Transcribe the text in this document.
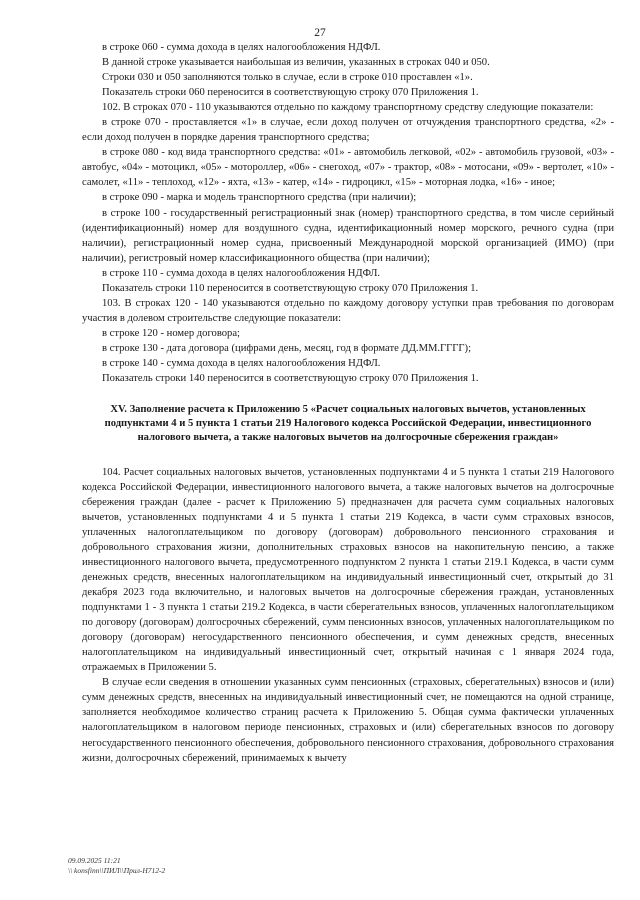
27

в строке 060 - сумма дохода в целях налогообложения НДФЛ.

В данной строке указывается наибольшая из величин, указанных в строках 040 и 050.

Строки 030 и 050 заполняются только в случае, если в строке 010 проставлен «1».

Показатель строки 060 переносится в соответствующую строку 070 Приложения 1.

102. В строках 070 - 110 указываются отдельно по каждому транспортному средству следующие показатели:

в строке 070 - проставляется «1» в случае, если доход получен от отчуждения транспортного средства, «2» - если доход получен в порядке дарения транспортного средства;

в строке 080 - код вида транспортного средства: «01» - автомобиль легковой, «02» - автомобиль грузовой, «03» - автобус, «04» - мотоцикл, «05» - мотороллер, «06» - снегоход, «07» - трактор, «08» - мотосани, «09» - вертолет, «10» - самолет, «11» - теплоход, «12» - яхта, «13» - катер, «14» - гидроцикл, «15» - моторная лодка, «16» - иное;

в строке 090 - марка и модель транспортного средства (при наличии);

в строке 100 - государственный регистрационный знак (номер) транспортного средства, в том числе серийный (идентификационный) номер для воздушного судна, идентификационный номер морского, речного судна (при наличии), регистрационный номер судна, присвоенный Международной морской организацией (ИМО) (при наличии), регистровый номер классификационного общества (при наличии);

в строке 110 - сумма дохода в целях налогообложения НДФЛ.

Показатель строки 110 переносится в соответствующую строку 070 Приложения 1.

103. В строках 120 - 140 указываются отдельно по каждому договору уступки прав требования по договорам участия в долевом строительстве следующие показатели:

в строке 120 - номер договора;

в строке 130 - дата договора (цифрами день, месяц, год в формате ДД.ММ.ГГГГ);

в строке 140 - сумма дохода в целях налогообложения НДФЛ.

Показатель строки 140 переносится в соответствующую строку 070 Приложения 1.

XV. Заполнение расчета к Приложению 5 «Расчет социальных налоговых вычетов, установленных подпунктами 4 и 5 пункта 1 статьи 219 Налогового кодекса Российской Федерации, инвестиционного налогового вычета, а также налоговых вычетов на долгосрочные сбережения граждан»

104. Расчет социальных налоговых вычетов, установленных подпунктами 4 и 5 пункта 1 статьи 219 Налогового кодекса Российской Федерации, инвестиционного налогового вычета, а также налоговых вычетов на долгосрочные сбережения граждан (далее - расчет к Приложению 5) предназначен для расчета сумм социальных налоговых вычетов, установленных подпунктами 4 и 5 пункта 1 статьи 219 Кодекса, в части сумм страховых взносов, уплаченных налогоплательщиком по договору (договорам) добровольного пенсионного страхования и добровольного страхования жизни, дополнительных страховых взносов на накопительную пенсию, а также инвестиционного налогового вычета, предусмотренного подпунктом 2 пункта 1 статьи 219.1 Кодекса, в части сумм денежных средств, внесенных налогоплательщиком на индивидуальный инвестиционный счет, открытый до 31 декабря 2023 года включительно, и налоговых вычетов на долгосрочные сбережения граждан, установленных подпунктами 1 - 3 пункта 1 статьи 219.2 Кодекса, в части сберегательных взносов, уплаченных налогоплательщиком по договору (договорам) долгосрочных сбережений, сумм пенсионных взносов, уплаченных налогоплательщиком по договору (договорам) негосударственного пенсионного обеспечения, и сумм денежных средств, внесенных налогоплательщиком на индивидуальный инвестиционный счет, открытый начиная с 1 января 2024 года, отражаемых в Приложении 5.

В случае если сведения в отношении указанных сумм пенсионных (страховых, сберегательных) взносов и (или) сумм денежных средств, внесенных на индивидуальный инвестиционный счет, не помещаются на одной странице, заполняется необходимое количество страниц расчета к Приложению 5. Общая сумма фактически уплаченных налогоплательщиком в налоговом периоде пенсионных, страховых и (или) сберегательных взносов по договору негосударственного пенсионного обеспечения, добровольного пенсионного страхования, добровольного страхования жизни, долгосрочных сбережений, принимаемых к вычету

09.09.2025 11:21
\\ konsfinn\\ПИЛ\\Прил-Н712-2
